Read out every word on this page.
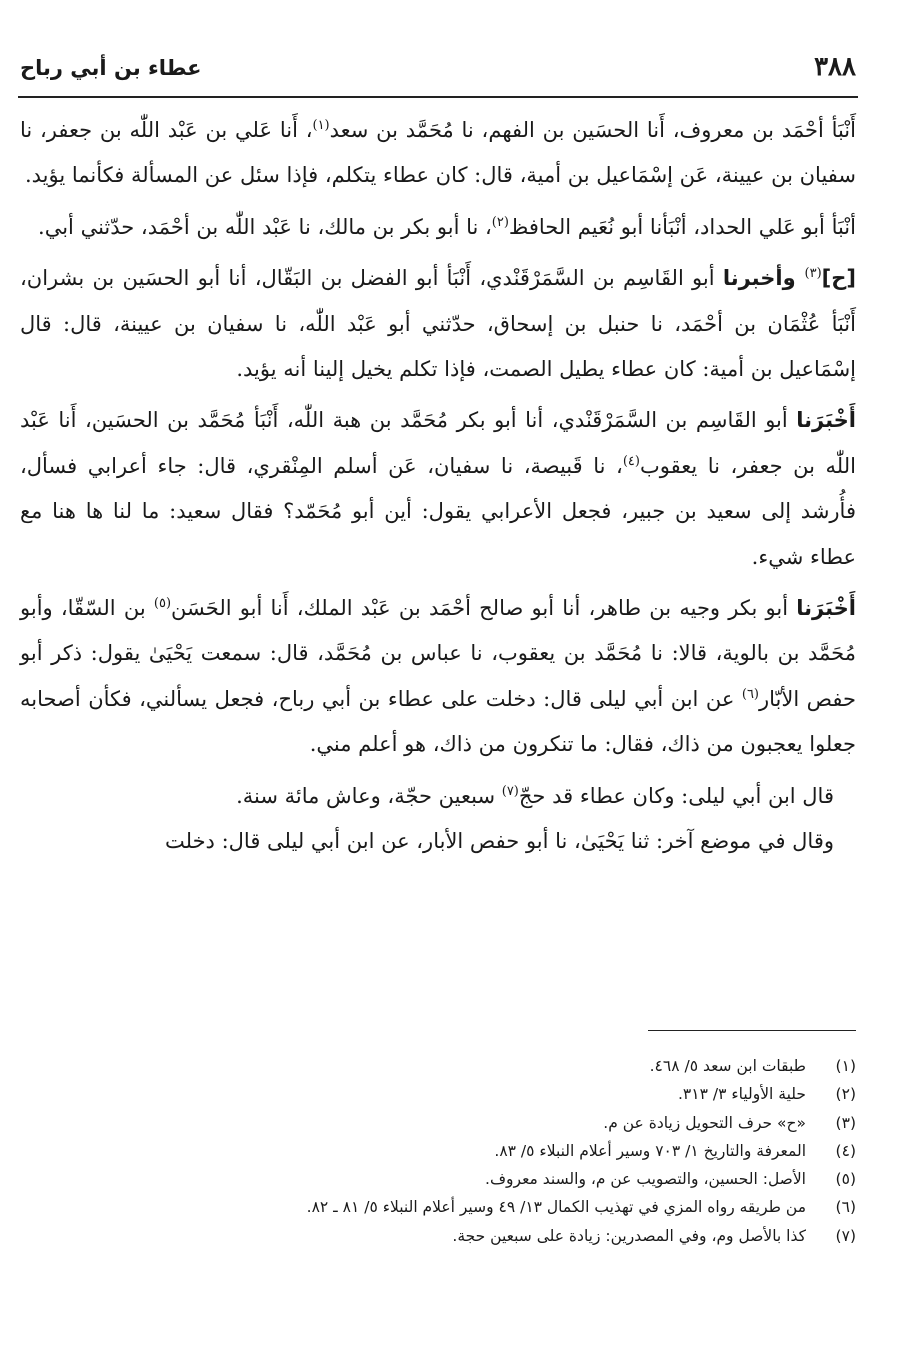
٣٨٨
عطاء بن أبي رباح

أَنْبَأ أحْمَد بن معروف، أَنا الحسَين بن الفهم، نا مُحَمَّد بن سعد$^{(١)}$، أَنا عَلي بن عَبْد اللّٰه بن جعفر، نا سفيان بن عيينة، عَن إسْمَاعيل بن أمية، قال: كان عطاء يتكلم، فإذا سئل عن المسألة فكأنما يؤيد.

أنْبَأ أبو عَلي الحداد، أنْبَأنا أبو نُعَيم الحافظ$^{(٢)}$، نا أبو بكر بن مالك، نا عَبْد اللّٰه بن أحْمَد، حدّثني أبي.

[ح]$^{(٣)}$ وأخبرنا أبو القَاسِم بن السَّمَرْقَنْدي، أَنْبَأ أبو الفضل بن البَقّال، أنا أبو الحسَين بن بشران، أَنْبَأ عُثْمَان بن أحْمَد، نا حنبل بن إسحاق، حدّثني أبو عَبْد اللّٰه، نا سفيان بن عيينة، قال: قال إسْمَاعيل بن أمية: كان عطاء يطيل الصمت، فإذا تكلم يخيل إلينا أنه يؤيد.

أَخْبَرَنا أبو القَاسِم بن السَّمَرْقَنْدي، أنا أبو بكر مُحَمَّد بن هبة اللّٰه، أَنْبَأ مُحَمَّد بن الحسَين، أَنا عَبْد اللّٰه بن جعفر، نا يعقوب$^{(٤)}$، نا قَبيصة، نا سفيان، عَن أسلم المِنْقري، قال: جاء أعرابي فسأل، فأُرشد إلى سعيد بن جبير، فجعل الأعرابي يقول: أين أبو مُحَمّد؟ فقال سعيد: ما لنا ها هنا مع عطاء شيء.

أَخْبَرَنا أبو بكر وجيه بن طاهر، أنا أبو صالح أحْمَد بن عَبْد الملك، أَنا أبو الحَسَن$^{(٥)}$ بن السّقّا، وأبو مُحَمَّد بن بالوية، قالا: نا مُحَمَّد بن يعقوب، نا عباس بن مُحَمَّد، قال: سمعت يَحْيَىٰ يقول: ذكر أبو حفص الأبّار$^{(٦)}$ عن ابن أبي ليلى قال: دخلت على عطاء بن أبي رباح، فجعل يسألني، فكأن أصحابه جعلوا يعجبون من ذاك، فقال: ما تنكرون من ذاك، هو أعلم مني.

قال ابن أبي ليلى: وكان عطاء قد حجّ$^{(٧)}$ سبعين حجّة، وعاش مائة سنة.

وقال في موضع آخر: ثنا يَحْيَىٰ، نا أبو حفص الأبار، عن ابن أبي ليلى قال: دخلت

(١)
طبقات ابن سعد ٥/ ٤٦٨.
(٢)
حلية الأولياء ٣/ ٣١٣.
(٣)
«ح» حرف التحويل زيادة عن م.
(٤)
المعرفة والتاريخ ١/ ٧٠٣ وسير أعلام النبلاء ٥/ ٨٣.
(٥)
الأصل: الحسين، والتصويب عن م، والسند معروف.
(٦)
من طريقه رواه المزي في تهذيب الكمال ١٣/ ٤٩ وسير أعلام النبلاء ٥/ ٨١ ـ ٨٢.
(٧)
كذا بالأصل وم، وفي المصدرين: زيادة على سبعين حجة.
